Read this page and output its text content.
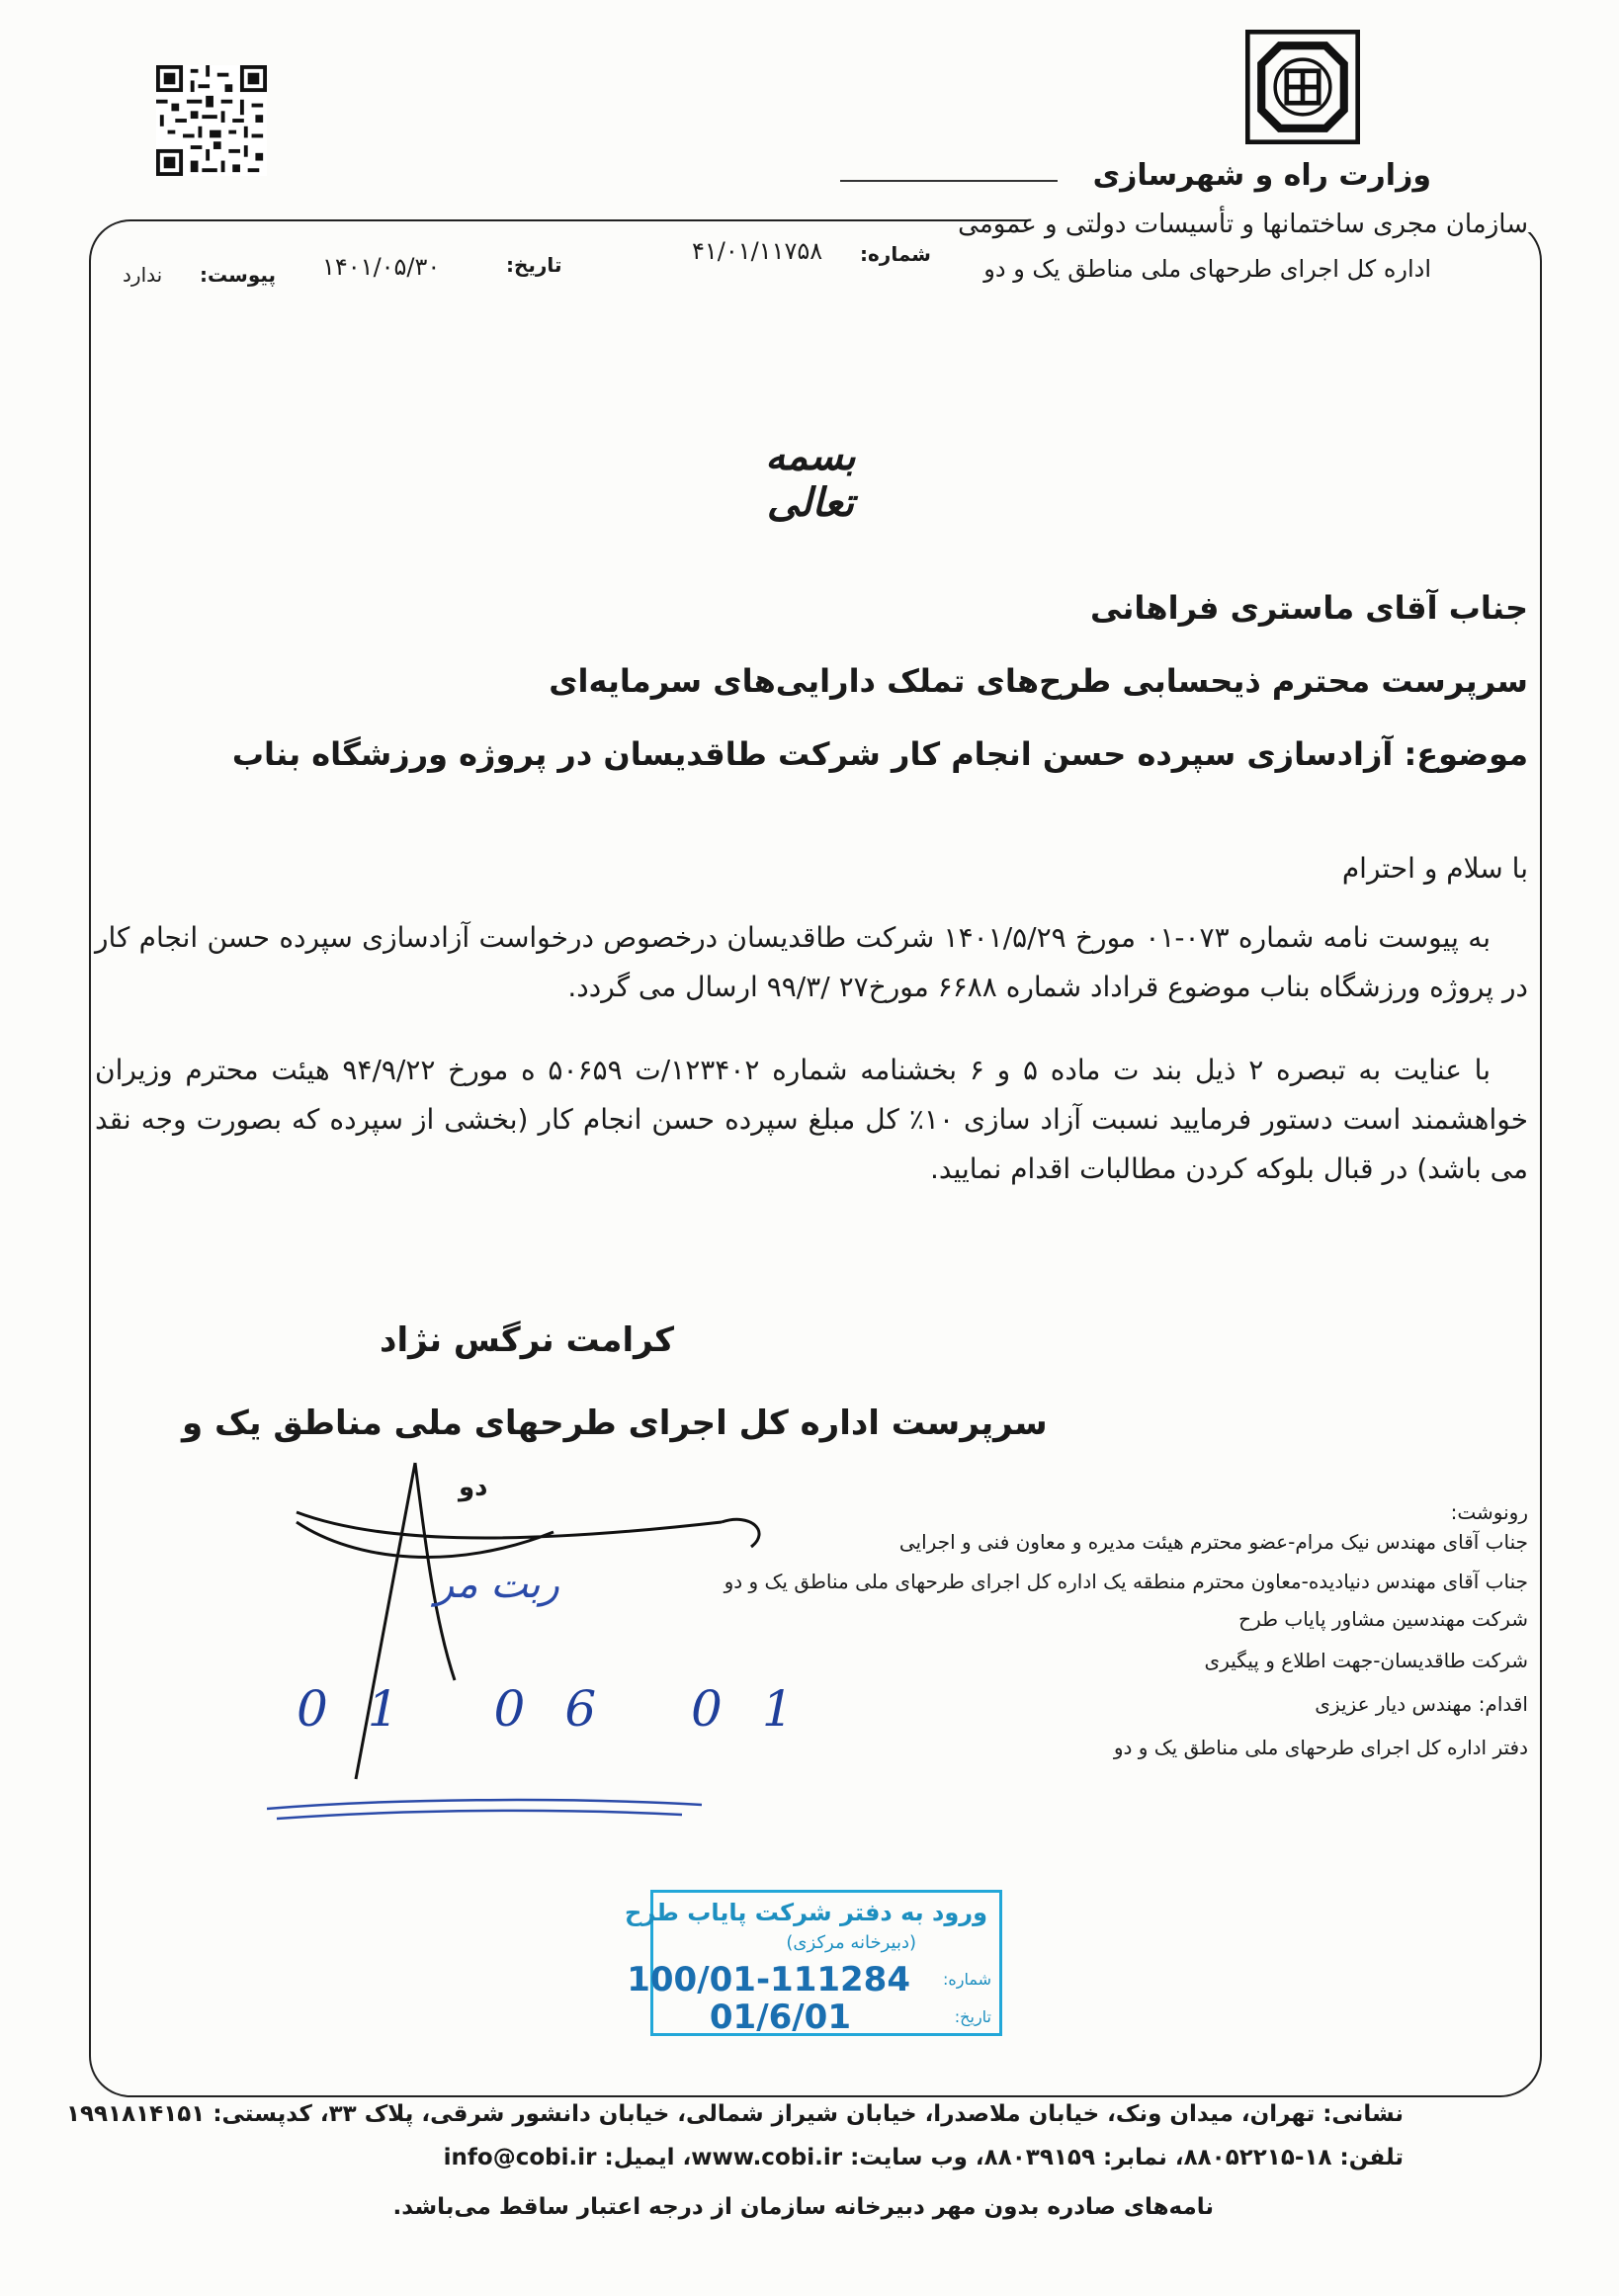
وزارت راه و شهرسازی
سازمان مجری ساختمانها و تأسیسات دولتی و عمومی
اداره کل اجرای طرحهای ملی مناطق یک و دو
شماره:
۴۱/۰۱/۱۱۷۵۸
تاریخ:
۱۴۰۱/۰۵/۳۰
پیوست:
ندارد
بسمه تعالی
جناب آقای ماستری فراهانی
سرپرست محترم ذیحسابی طرح‌های تملک دارایی‌های سرمایه‌ای
موضوع: آزادسازی سپرده حسن انجام کار شرکت طاقدیسان در پروژه ورزشگاه بناب
با سلام و احترام
به پیوست نامه شماره ۰۷۳-۰۱ مورخ ۱۴۰۱/۵/۲۹ شرکت طاقدیسان درخصوص درخواست آزادسازی سپرده حسن انجام کار در پروژه ورزشگاه بناب موضوع قراداد شماره ۶۶۸۸ مورخ۲۷ /۹۹/۳ ارسال می گردد.
با عنایت به تبصره ۲ ذیل بند ت ماده ۵ و ۶ بخشنامه شماره ۱۲۳۴۰۲/ت ۵۰۶۵۹ ه مورخ ۹۴/۹/۲۲ هیئت محترم وزیران خواهشمند است دستور فرمایید نسبت آزاد سازی ۱۰٪ کل مبلغ سپرده حسن انجام کار (بخشی از سپرده که بصورت وجه نقد می باشد) در قبال بلوکه کردن مطالبات اقدام نمایید.
کرامت نرگس نژاد
سرپرست اداره کل اجرای طرحهای ملی مناطق یک و
دو
ربت مر
01 06 01
رونوشت:
جناب آقای مهندس نیک مرام-عضو محترم هیئت مدیره و معاون فنی و اجرایی
جناب آقای مهندس دنیادیده-معاون محترم منطقه یک اداره کل اجرای طرحهای ملی مناطق یک و دو
شرکت مهندسین مشاور پایاب طرح
شرکت طاقدیسان-جهت اطلاع و پیگیری
اقدام: مهندس دیار عزیزی
دفتر اداره کل اجرای طرحهای ملی مناطق یک و دو
ورود به دفتر شرکت پایاب طرح
(دبیرخانه مرکزی)
شماره:
تاریخ:
100/01-111284
01/6/01
نشانی: تهران، میدان ونک، خیابان ملاصدرا، خیابان شیراز شمالی، خیابان دانشور شرقی، پلاک ۳۳، کدپستی: ۱۹۹۱۸۱۴۱۵۱
تلفن: ۱۸-۸۸۰۵۲۲۱۵، نمابر: ۸۸۰۳۹۱۵۹، وب سایت: www.cobi.ir، ایمیل: info@cobi.ir
نامه‌های صادره بدون مهر دبیرخانه سازمان از درجه اعتبار ساقط می‌باشد.
